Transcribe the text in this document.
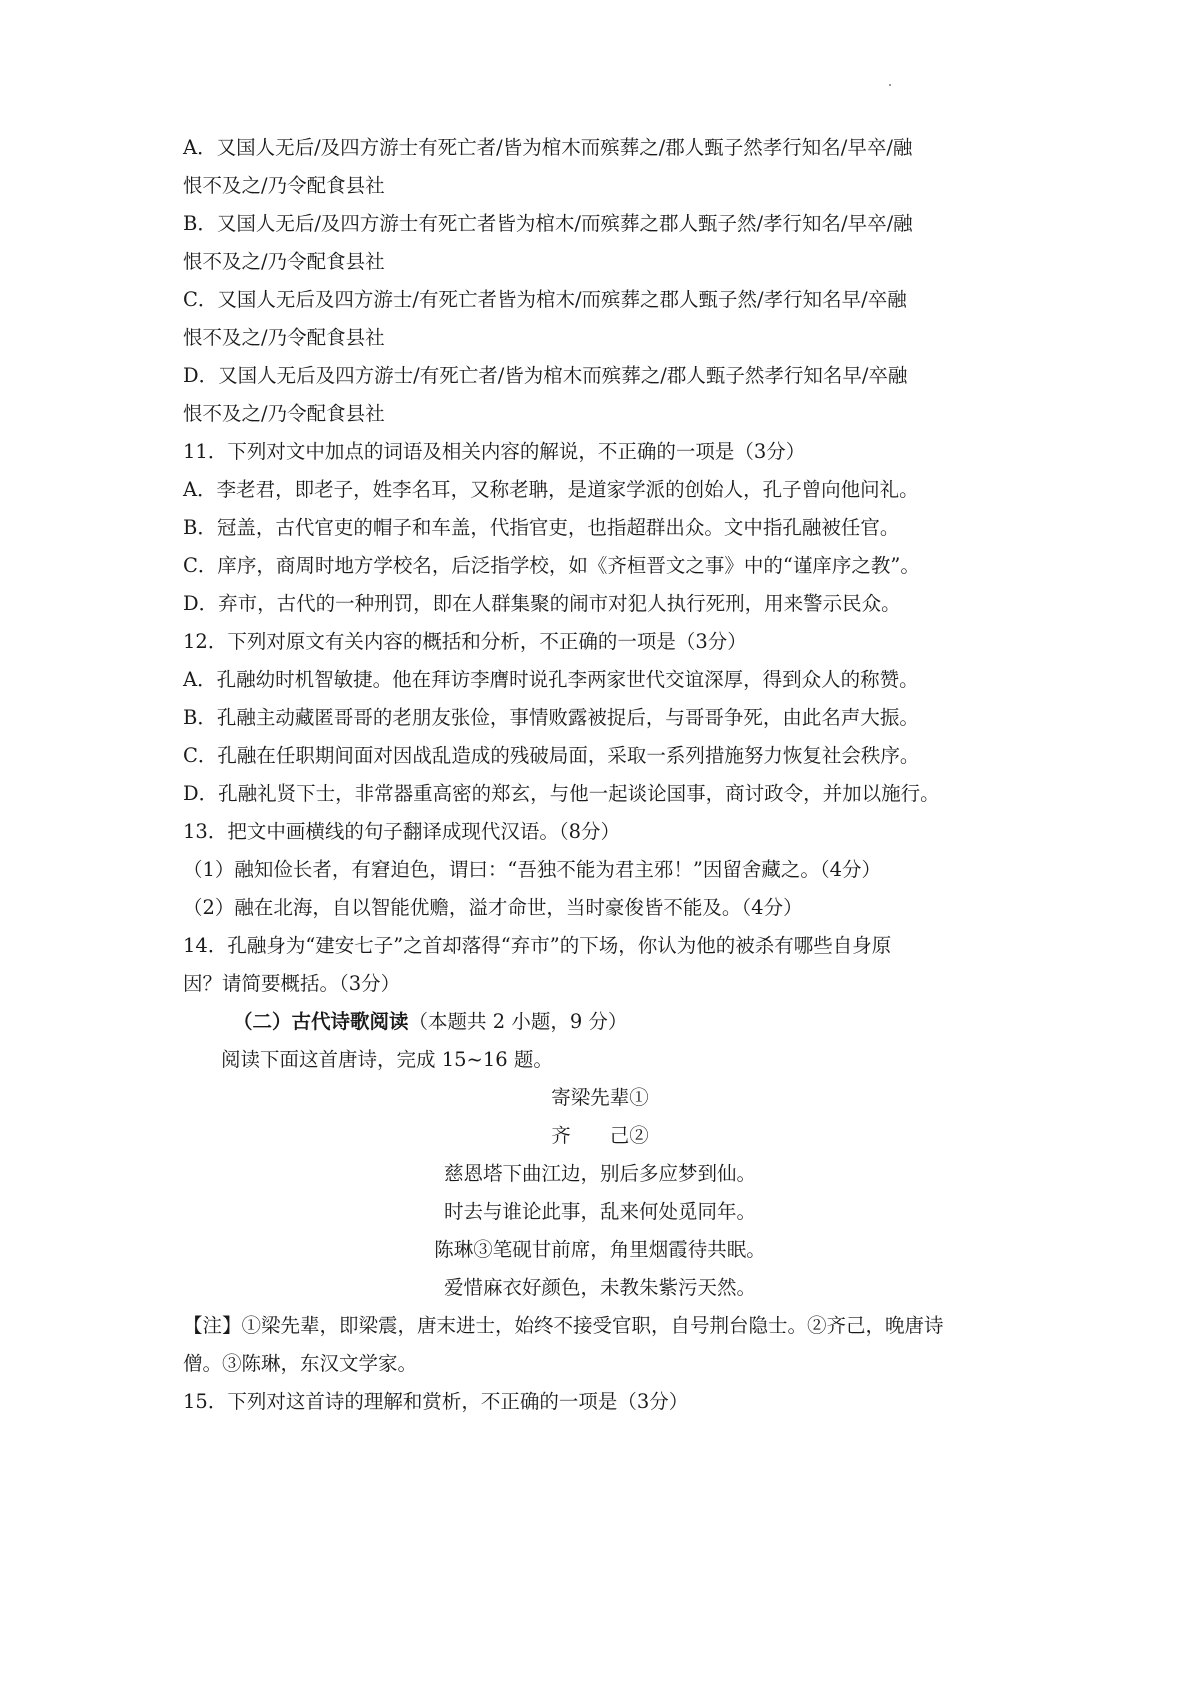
A．又国人无后/及四方游士有死亡者/皆为棺木而殡葬之/郡人甄子然孝行知名/早卒/融
恨不及之/乃令配食县社
B．又国人无后/及四方游士有死亡者皆为棺木/而殡葬之郡人甄子然/孝行知名/早卒/融
恨不及之/乃令配食县社
C．又国人无后及四方游士/有死亡者皆为棺木/而殡葬之郡人甄子然/孝行知名早/卒融
恨不及之/乃令配食县社
D．又国人无后及四方游士/有死亡者/皆为棺木而殡葬之/郡人甄子然孝行知名早/卒融
恨不及之/乃令配食县社
11．下列对文中加点的词语及相关内容的解说，不正确的一项是（3分）
A．李老君，即老子，姓李名耳，又称老聃，是道家学派的创始人，孔子曾向他问礼。
B．冠盖，古代官吏的帽子和车盖，代指官吏，也指超群出众。文中指孔融被任官。
C．庠序，商周时地方学校名，后泛指学校，如《齐桓晋文之事》中的“谨庠序之教”。
D．弃市，古代的一种刑罚，即在人群集聚的闹市对犯人执行死刑，用来警示民众。
12．下列对原文有关内容的概括和分析，不正确的一项是（3分）
A．孔融幼时机智敏捷。他在拜访李膺时说孔李两家世代交谊深厚，得到众人的称赞。
B．孔融主动藏匿哥哥的老朋友张俭，事情败露被捉后，与哥哥争死，由此名声大振。
C．孔融在任职期间面对因战乱造成的残破局面，采取一系列措施努力恢复社会秩序。
D．孔融礼贤下士，非常器重高密的郑玄，与他一起谈论国事，商讨政令，并加以施行。
13．把文中画横线的句子翻译成现代汉语。（8分）
（1）融知俭长者，有窘迫色，谓曰：“吾独不能为君主邪！”因留舍藏之。（4分）
（2）融在北海，自以智能优赡，溢才命世，当时豪俊皆不能及。（4分）
14．孔融身为“建安七子”之首却落得“弃市”的下场，你认为他的被杀有哪些自身原
因？请简要概括。（3分）
（二）古代诗歌阅读（本题共 2 小题，9 分）
阅读下面这首唐诗，完成 15~16 题。
寄梁先辈①
齐　　己②
慈恩塔下曲江边，别后多应梦到仙。
时去与谁论此事，乱来何处觅同年。
陈琳③笔砚甘前席，角里烟霞待共眠。
爱惜麻衣好颜色，未教朱紫污天然。
【注】①梁先辈，即梁震，唐末进士，始终不接受官职，自号荆台隐士。②齐己，晚唐诗
僧。③陈琳，东汉文学家。
15．下列对这首诗的理解和赏析，不正确的一项是（3分）
